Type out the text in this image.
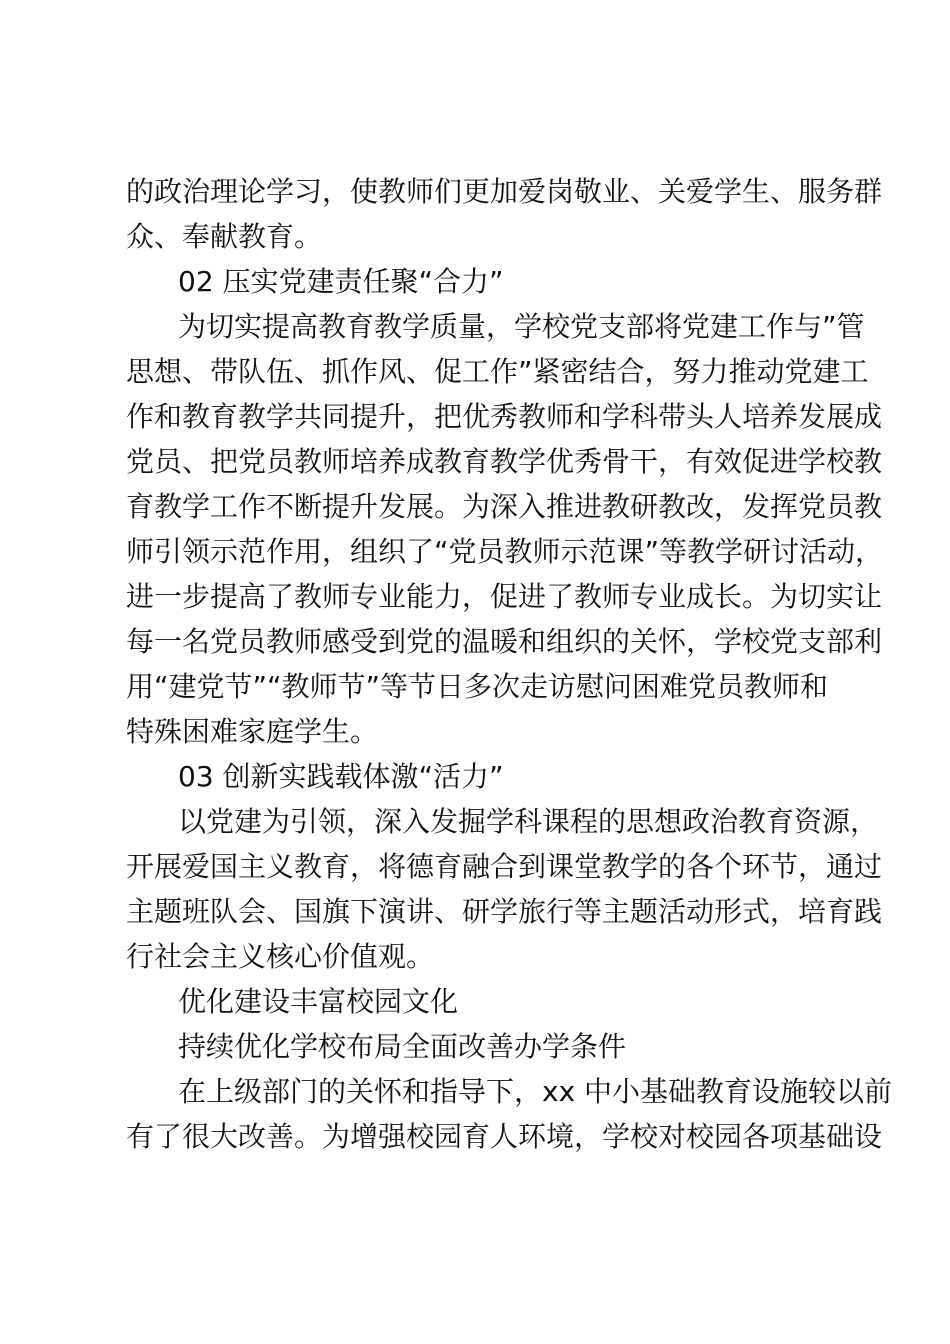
的政治理论学习，使教师们更加爱岗敬业、关爱学生、服务群
众、奉献教育。
02 压实党建责任聚“合力”
为切实提高教育教学质量，学校党支部将党建工作与”管
思想、带队伍、抓作风、促工作”紧密结合，努力推动党建工
作和教育教学共同提升，把优秀教师和学科带头人培养发展成
党员、把党员教师培养成教育教学优秀骨干，有效促进学校教
育教学工作不断提升发展。为深入推进教研教改，发挥党员教
师引领示范作用，组织了“党员教师示范课”等教学研讨活动，
进一步提高了教师专业能力，促进了教师专业成长。为切实让
每一名党员教师感受到党的温暖和组织的关怀，学校党支部利
用“建党节”“教师节”等节日多次走访慰问困难党员教师和
特殊困难家庭学生。
03 创新实践载体激“活力”
以党建为引领，深入发掘学科课程的思想政治教育资源，
开展爱国主义教育，将德育融合到课堂教学的各个环节，通过
主题班队会、国旗下演讲、研学旅行等主题活动形式，培育践
行社会主义核心价值观。
优化建设丰富校园文化
持续优化学校布局全面改善办学条件
在上级部门的关怀和指导下，xx 中小基础教育设施较以前
有了很大改善。为增强校园育人环境，学校对校园各项基础设
